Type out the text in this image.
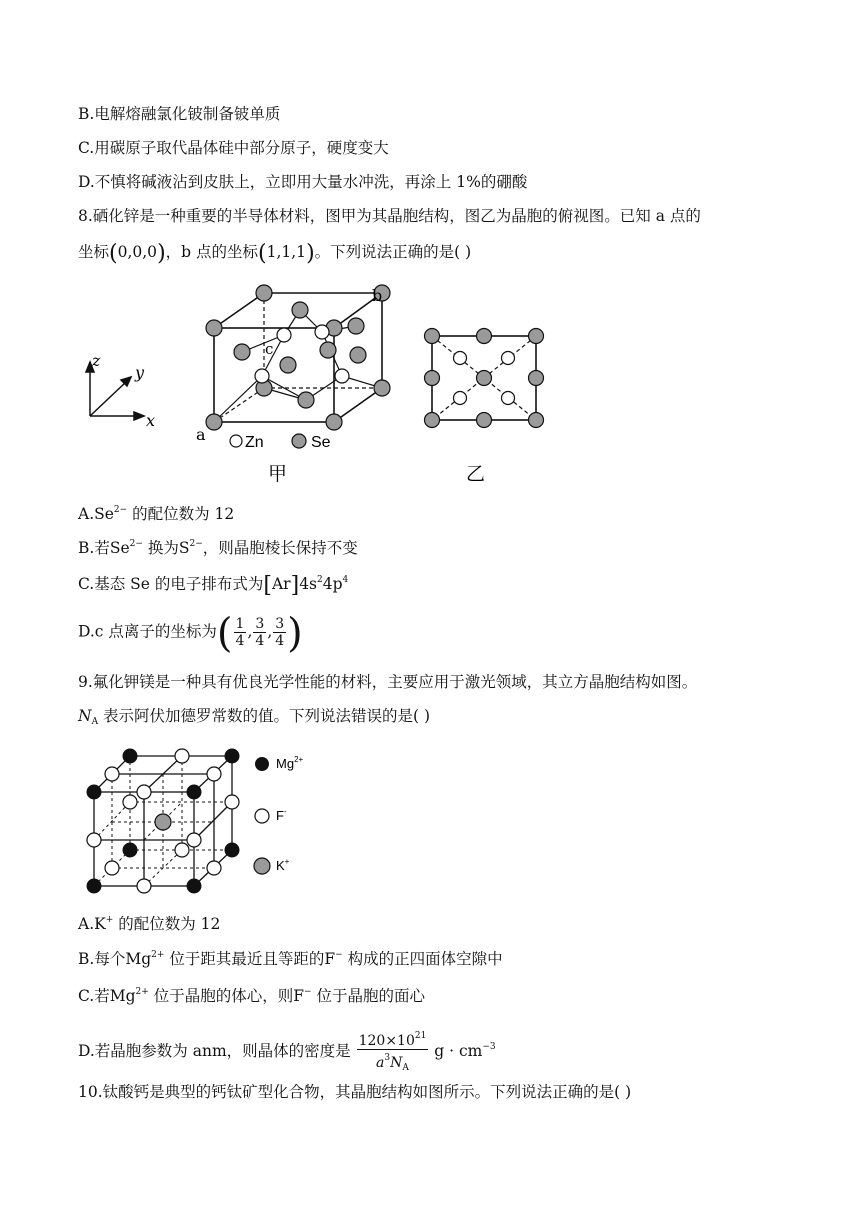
B.电解熔融氯化铍制备铍单质
C.用碳原子取代晶体硅中部分原子，硬度变大
D.不慎将碱液沾到皮肤上，立即用大量水冲洗，再涂上 1%的硼酸
8.硒化锌是一种重要的半导体材料，图甲为其晶胞结构，图乙为晶胞的俯视图。已知 a 点的
坐标(0,0,0)，b 点的坐标(1,1,1)。下列说法正确的是( )
z
y
x
b
a
c
Zn	Se
甲	乙
$A.Se^{2-}$ 的配位数为 12
B.若$Se^{2-}$ 换为$S^{2-}$，则晶胞棱长保持不变
C.基态 Se 的电子排布式为$[Ar]4s^24p^4$
D.c 点离子的坐标为( $\frac{1}{4}$ , $\frac{3}{4}$ , $\frac{3}{4}$ )
9.氟化钾镁是一种具有优良光学性能的材料，主要应用于激光领域，其立方晶胞结构如图。
$N_A$ 表示阿伏加德罗常数的值。下列说法错误的是( )
$Mg^{2+}$
F-
K+
A.K+ 的配位数为 12
B.每个$Mg^{2+}$ 位于距其最近且等距的F− 构成的正四面体空隙中
C.若$Mg^{2+}$ 位于晶胞的体心，则F− 位于晶胞的面心
D.若晶胞参数为 anm，则晶体的密度是 $\frac{120\times 10^{21}}{a^3N_A}$ $g \cdot cm^{-3}$
10.钛酸钙是典型的钙钛矿型化合物，其晶胞结构如图所示。下列说法正确的是( )
